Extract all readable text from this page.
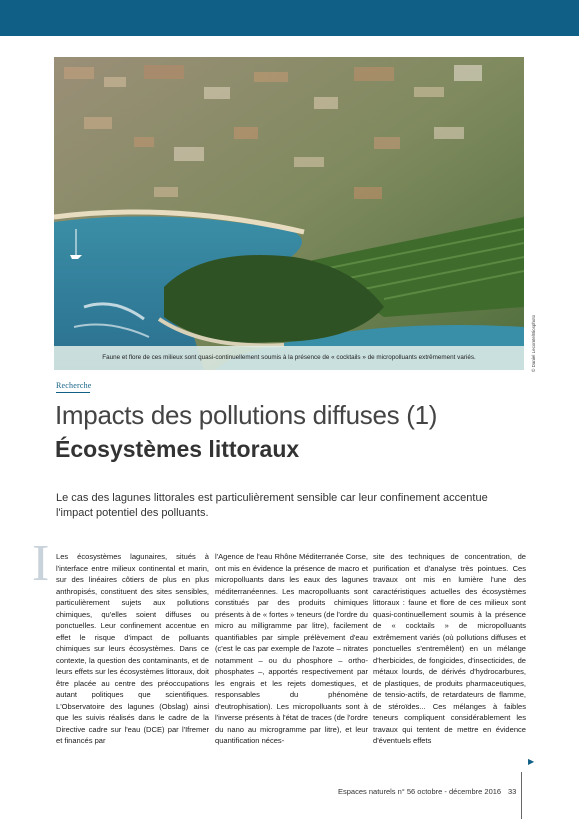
Faune et flore de ces milieux sont quasi-continuellement soumis à la présence de « cocktails » de micropolluants extrêmement variés.	© Daniel Lecomte/Biosphoto
Recherche
Impacts des pollutions diffuses (1)
Écosystèmes littoraux
Le cas des lagunes littorales est particulièrement sensible car leur confinement accentue l'impact potentiel des polluants.
I Les écosystèmes lagunaires, situés à l'interface entre milieux continental et marin, sur des linéaires côtiers de plus en plus anthropisés, constituent des sites sensibles, particulièrement sujets aux pollutions chimiques, qu'elles soient diffuses ou ponctuelles. Leur confinement accentue en effet le risque d'impact de polluants chimiques sur leurs écosystèmes. Dans ce contexte, la question des contaminants, et de leurs effets sur les écosystèmes littoraux, doit être placée au centre des préoccupations autant politiques que scientifiques. L'Observatoire des lagunes (Obslag) ainsi que les suivis réalisés dans le cadre de la Directive cadre sur l'eau (DCE) par l'Ifremer et financés par

l'Agence de l'eau Rhône Méditerranée Corse, ont mis en évidence la présence de macro et micropolluants dans les eaux des lagunes méditerranéennes. Les macropolluants sont constitués par des produits chimiques présents à de « fortes » teneurs (de l'ordre du micro au milligramme par litre), facilement quantifiables par simple prélèvement d'eau (c'est le cas par exemple de l'azote – nitrates notamment – ou du phosphore – ortho-phosphates –, apportés respectivement par les engrais et les rejets domestiques, et responsables du phénomène d'eutrophisation). Les micropolluants sont à l'inverse présents à l'état de traces (de l'ordre du nano au microgramme par litre), et leur quantification néces-

site des techniques de concentration, de purification et d'analyse très pointues. Ces travaux ont mis en lumière l'une des caractéristiques actuelles des écosystèmes littoraux : faune et flore de ces milieux sont quasi-continuellement soumis à la présence de « cocktails » de micropolluants extrêmement variés (où pollutions diffuses et ponctuelles s'entremêlent) en un mélange d'herbicides, de fongicides, d'insecticides, de métaux lourds, de dérivés d'hydrocarbures, de plastiques, de produits pharmaceutiques, de tensio-actifs, de retardateurs de flamme, de stéroïdes... Ces mélanges à faibles teneurs compliquent considérablement les travaux qui tentent de mettre en évidence d'éventuels effets

▶
Espaces naturels n° 56 octobre - décembre 2016 33
